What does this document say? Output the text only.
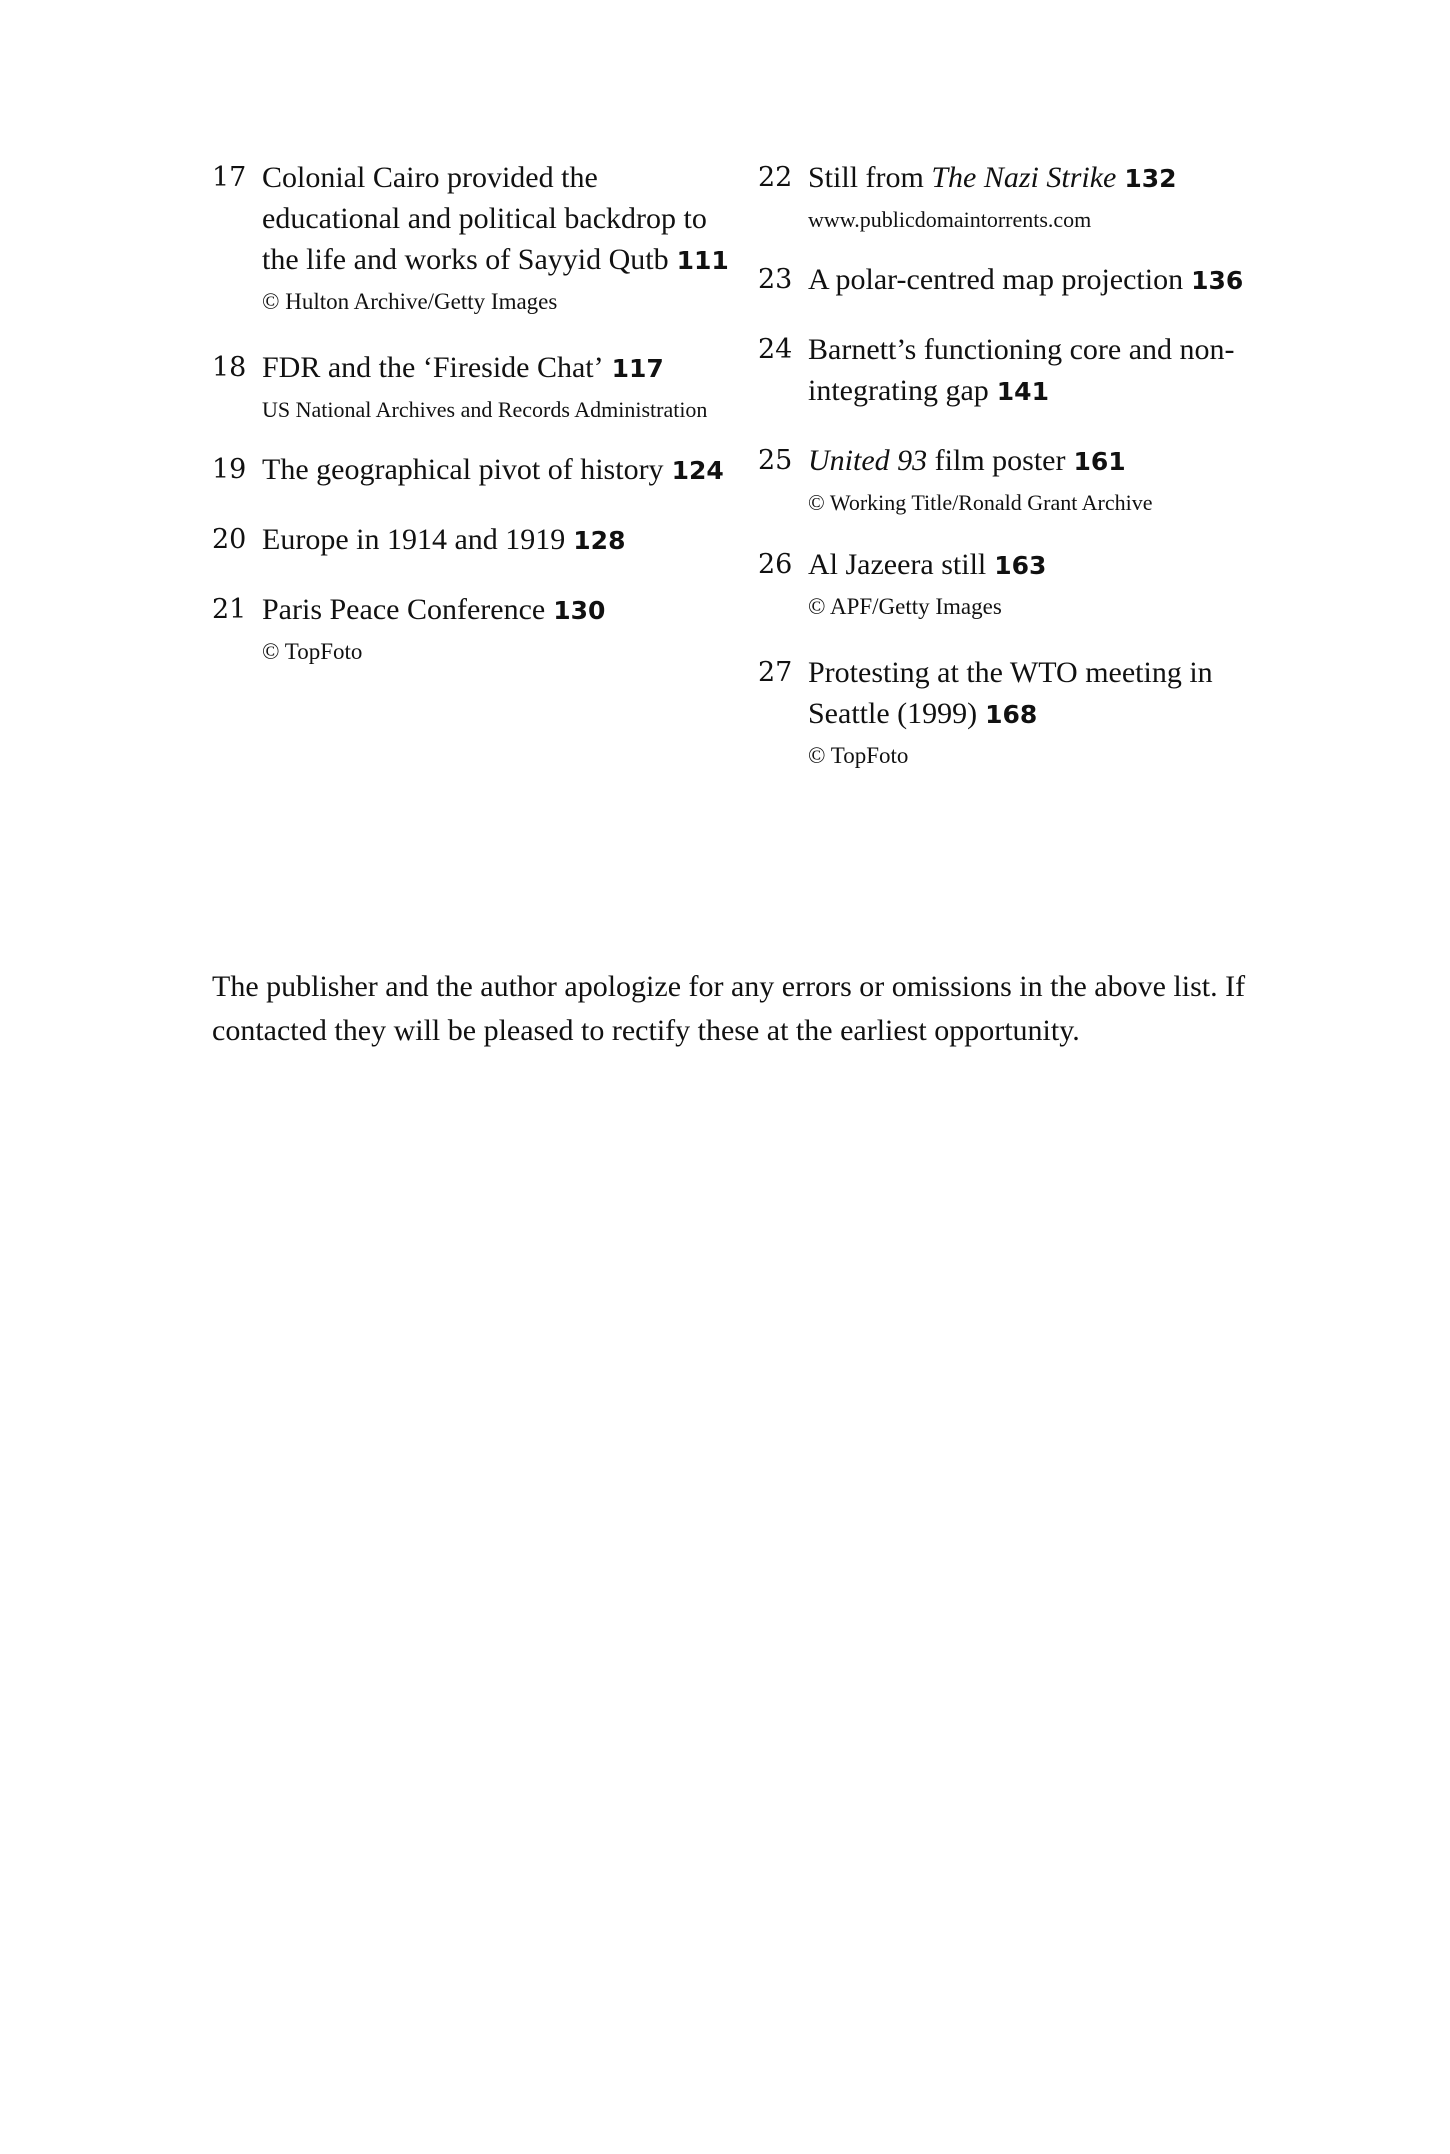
17 Colonial Cairo provided the educational and political backdrop to the life and works of Sayyid Qutb 111
© Hulton Archive/Getty Images
18 FDR and the ‘Fireside Chat’ 117
US National Archives and Records Administration
19 The geographical pivot of history 124
20 Europe in 1914 and 1919 128
21 Paris Peace Conference 130
© TopFoto
22 Still from The Nazi Strike 132
www.publicdomaintorrents.com
23 A polar-centred map projection 136
24 Barnett’s functioning core and non-integrating gap 141
25 United 93 film poster 161
© Working Title/Ronald Grant Archive
26 Al Jazeera still 163
© APF/Getty Images
27 Protesting at the WTO meeting in Seattle (1999) 168
© TopFoto

The publisher and the author apologize for any errors or omissions in the above list. If contacted they will be pleased to rectify these at the earliest opportunity.
